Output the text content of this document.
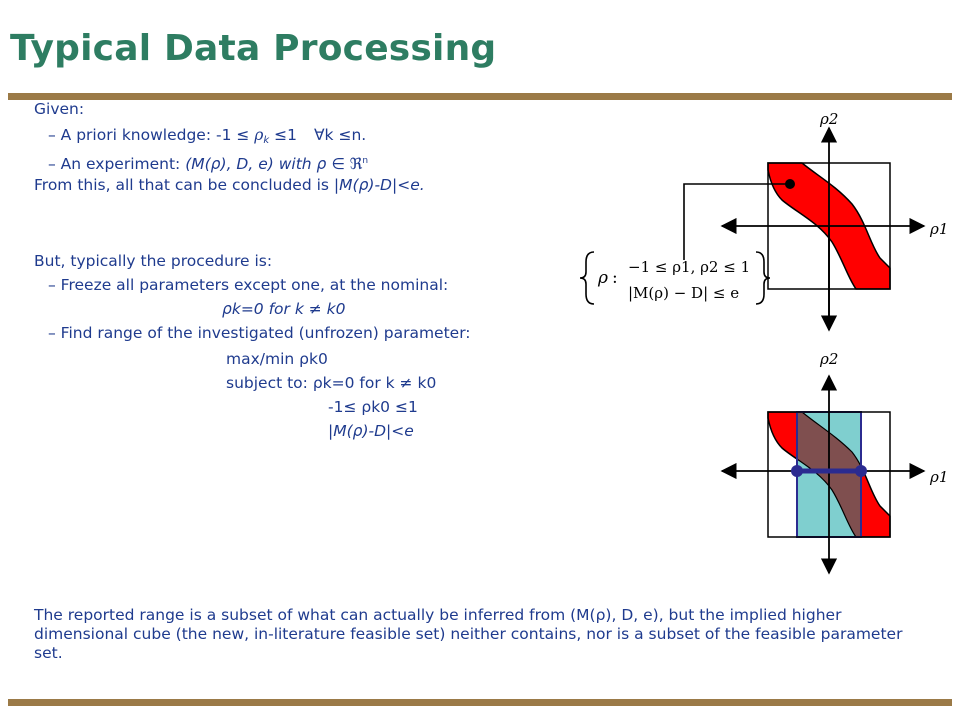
Typical Data Processing
Given:
– A priori knowledge: $-1 \le \rho_k \le 1$ ∀k ≤n.
– An experiment: (M(ρ), D, e) with ρ ∈ ℜ$^n$
From this, all that can be concluded is |M(ρ)-D|<e.
But, typically the procedure is:
– Freeze all parameters except one, at the nominal:
ρk=0 for k ≠ k0
– Find range of the investigated (unfrozen) parameter:
max/min ρk0
subject to: ρk=0 for k ≠ k0
-1≤ ρk0 ≤1
|M(ρ)-D|<e
The reported range is a subset of what can actually be inferred from (M(ρ), D, e), but the implied higher dimensional cube (the new, in-literature feasible set) neither contains, nor is a subset of the feasible parameter set.
ρ2
ρ1
ρ :
−1 ≤ ρ1, ρ2 ≤ 1
|M(ρ) − D| ≤ e
ρ2
ρ1
